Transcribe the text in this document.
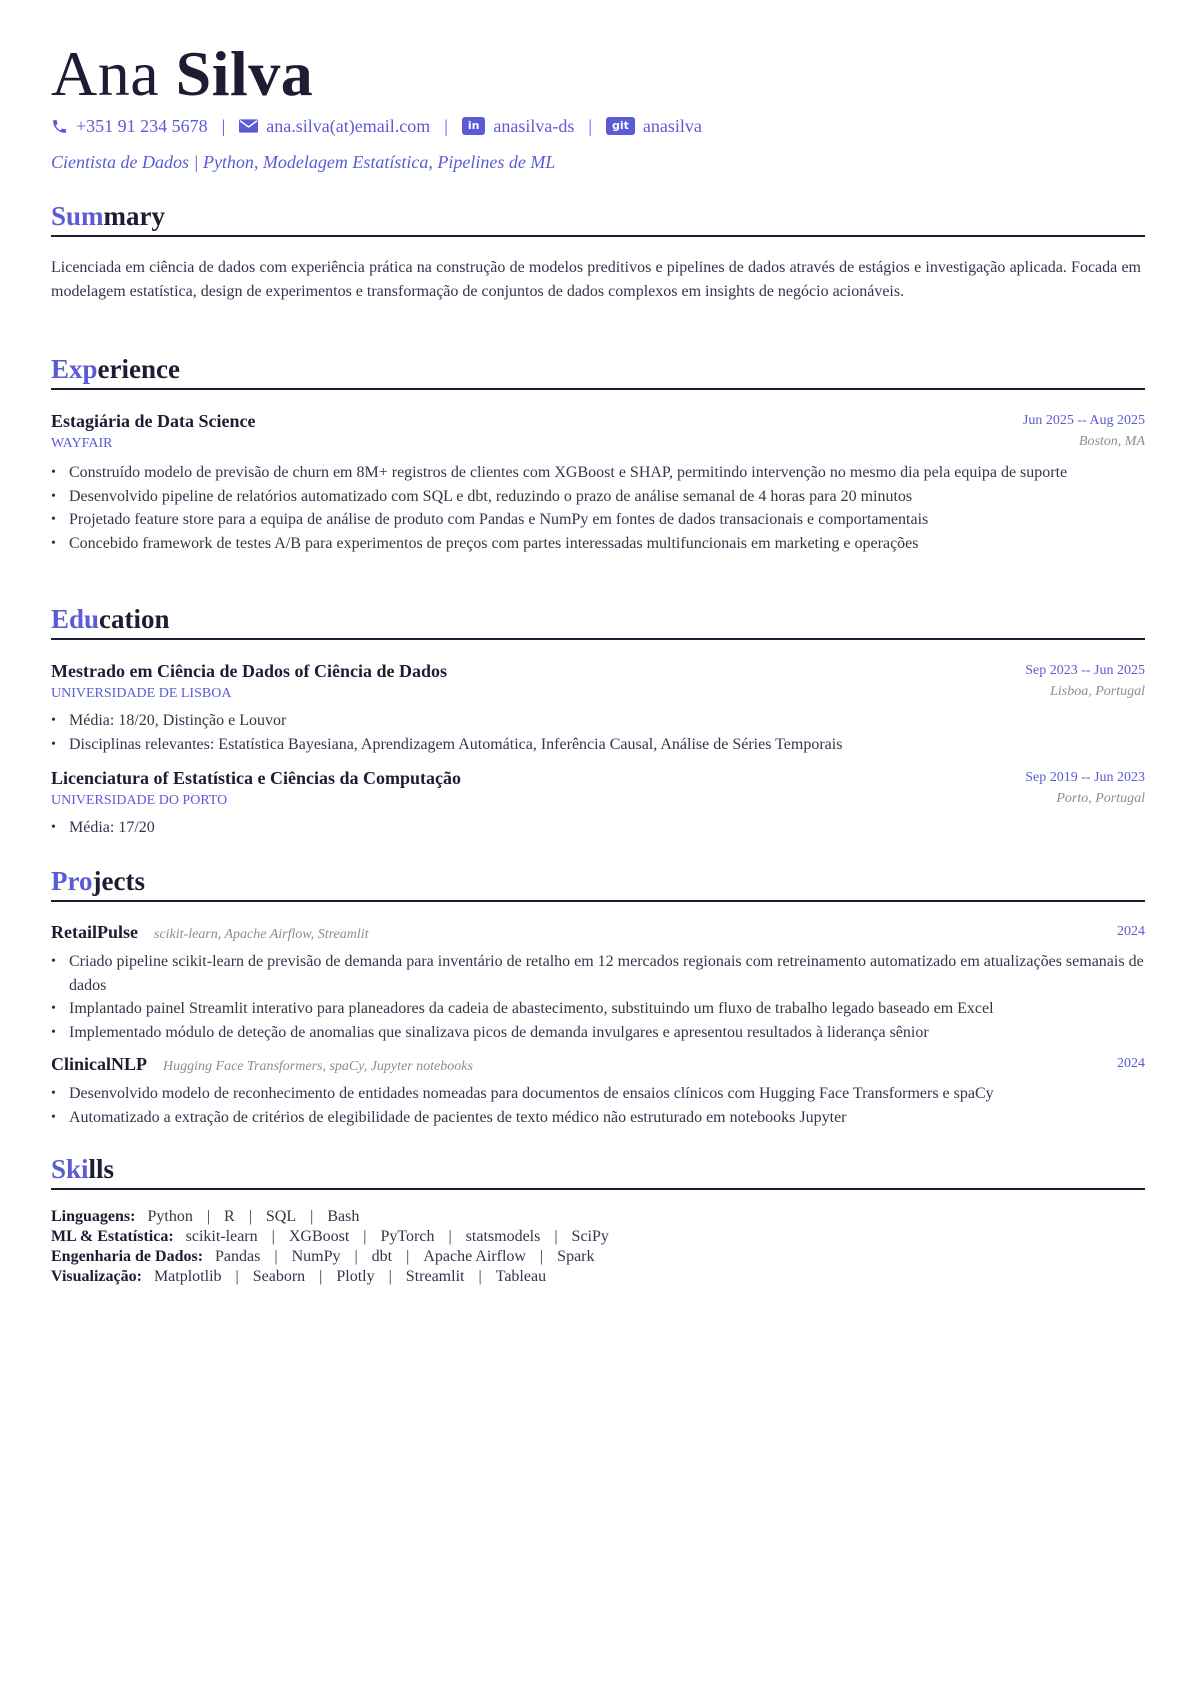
Ana Silva
+351 91 234 5678 | ana.silva(at)email.com |	in anasilva-ds |	git anasilva
Cientista de Dados | Python, Modelagem Estatística, Pipelines de ML
Summary
Licenciada em ciência de dados com experiência prática na construção de modelos preditivos e pipelines de dados através de estágios e investigação aplicada. Focada em modelagem estatística, design de experimentos e transformação de conjuntos de dados complexos em insights de negócio acionáveis.
Experience
Estagiária de Data Science	Jun 2025 -- Aug 2025
WAYFAIR	Boston, MA
• Construído modelo de previsão de churn em 8M+ registros de clientes com XGBoost e SHAP, permitindo intervenção no mesmo dia pela equipa de suporte
• Desenvolvido pipeline de relatórios automatizado com SQL e dbt, reduzindo o prazo de análise semanal de 4 horas para 20 minutos
• Projetado feature store para a equipa de análise de produto com Pandas e NumPy em fontes de dados transacionais e comportamentais
• Concebido framework de testes A/B para experimentos de preços com partes interessadas multifuncionais em marketing e operações
Education
Mestrado em Ciência de Dados of Ciência de Dados	Sep 2023 -- Jun 2025
UNIVERSIDADE DE LISBOA	Lisboa, Portugal
• Média: 18/20, Distinção e Louvor
• Disciplinas relevantes: Estatística Bayesiana, Aprendizagem Automática, Inferência Causal, Análise de Séries Temporais
Licenciatura of Estatística e Ciências da Computação	Sep 2019 -- Jun 2023
UNIVERSIDADE DO PORTO	Porto, Portugal
• Média: 17/20
Projects
RetailPulse scikit-learn, Apache Airflow, Streamlit	2024
• Criado pipeline scikit-learn de previsão de demanda para inventário de retalho em 12 mercados regionais com retreinamento automatizado em atualizações semanais de dados
• Implantado painel Streamlit interativo para planeadores da cadeia de abastecimento, substituindo um fluxo de trabalho legado baseado em Excel
• Implementado módulo de deteção de anomalias que sinalizava picos de demanda invulgares e apresentou resultados à liderança sênior
ClinicalNLP Hugging Face Transformers, spaCy, Jupyter notebooks	2024
• Desenvolvido modelo de reconhecimento de entidades nomeadas para documentos de ensaios clínicos com Hugging Face Transformers e spaCy
• Automatizado a extração de critérios de elegibilidade de pacientes de texto médico não estruturado em notebooks Jupyter
Skills
Linguagens: Python | R | SQL | Bash
ML & Estatística: scikit-learn | XGBoost | PyTorch | statsmodels | SciPy
Engenharia de Dados: Pandas | NumPy | dbt | Apache Airflow | Spark
Visualização: Matplotlib | Seaborn | Plotly | Streamlit | Tableau
